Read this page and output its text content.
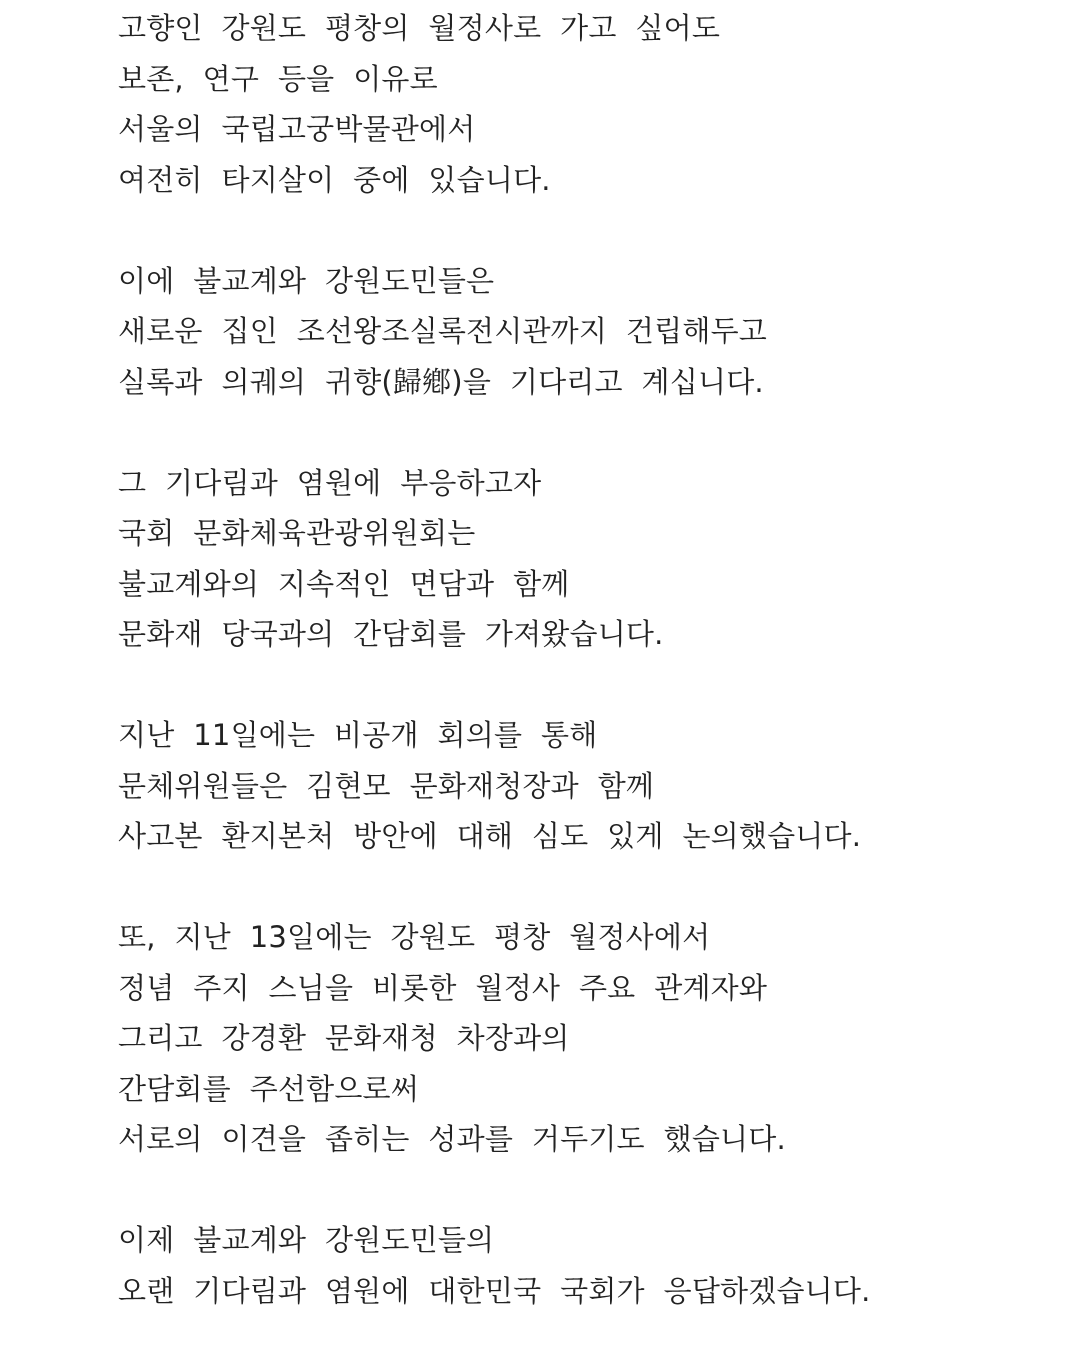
고향인  강원도  평창의  월정사로  가고  싶어도
보존,  연구  등을  이유로
서울의  국립고궁박물관에서
여전히  타지살이  중에  있습니다.
이에  불교계와  강원도민들은
새로운  집인  조선왕조실록전시관까지  건립해두고
실록과  의궤의  귀향(歸鄕)을  기다리고  계십니다.
그  기다림과  염원에  부응하고자
국회  문화체육관광위원회는
불교계와의  지속적인  면담과  함께
문화재  당국과의  간담회를  가져왔습니다.
지난  11일에는  비공개  회의를  통해
문체위원들은  김현모  문화재청장과  함께
사고본  환지본처  방안에  대해  심도  있게  논의했습니다.
또,  지난  13일에는  강원도  평창  월정사에서
정념  주지  스님을  비롯한  월정사  주요  관계자와
그리고  강경환  문화재청  차장과의
간담회를  주선함으로써
서로의  이견을  좁히는  성과를  거두기도  했습니다.
이제  불교계와  강원도민들의
오랜  기다림과  염원에  대한민국  국회가  응답하겠습니다.
